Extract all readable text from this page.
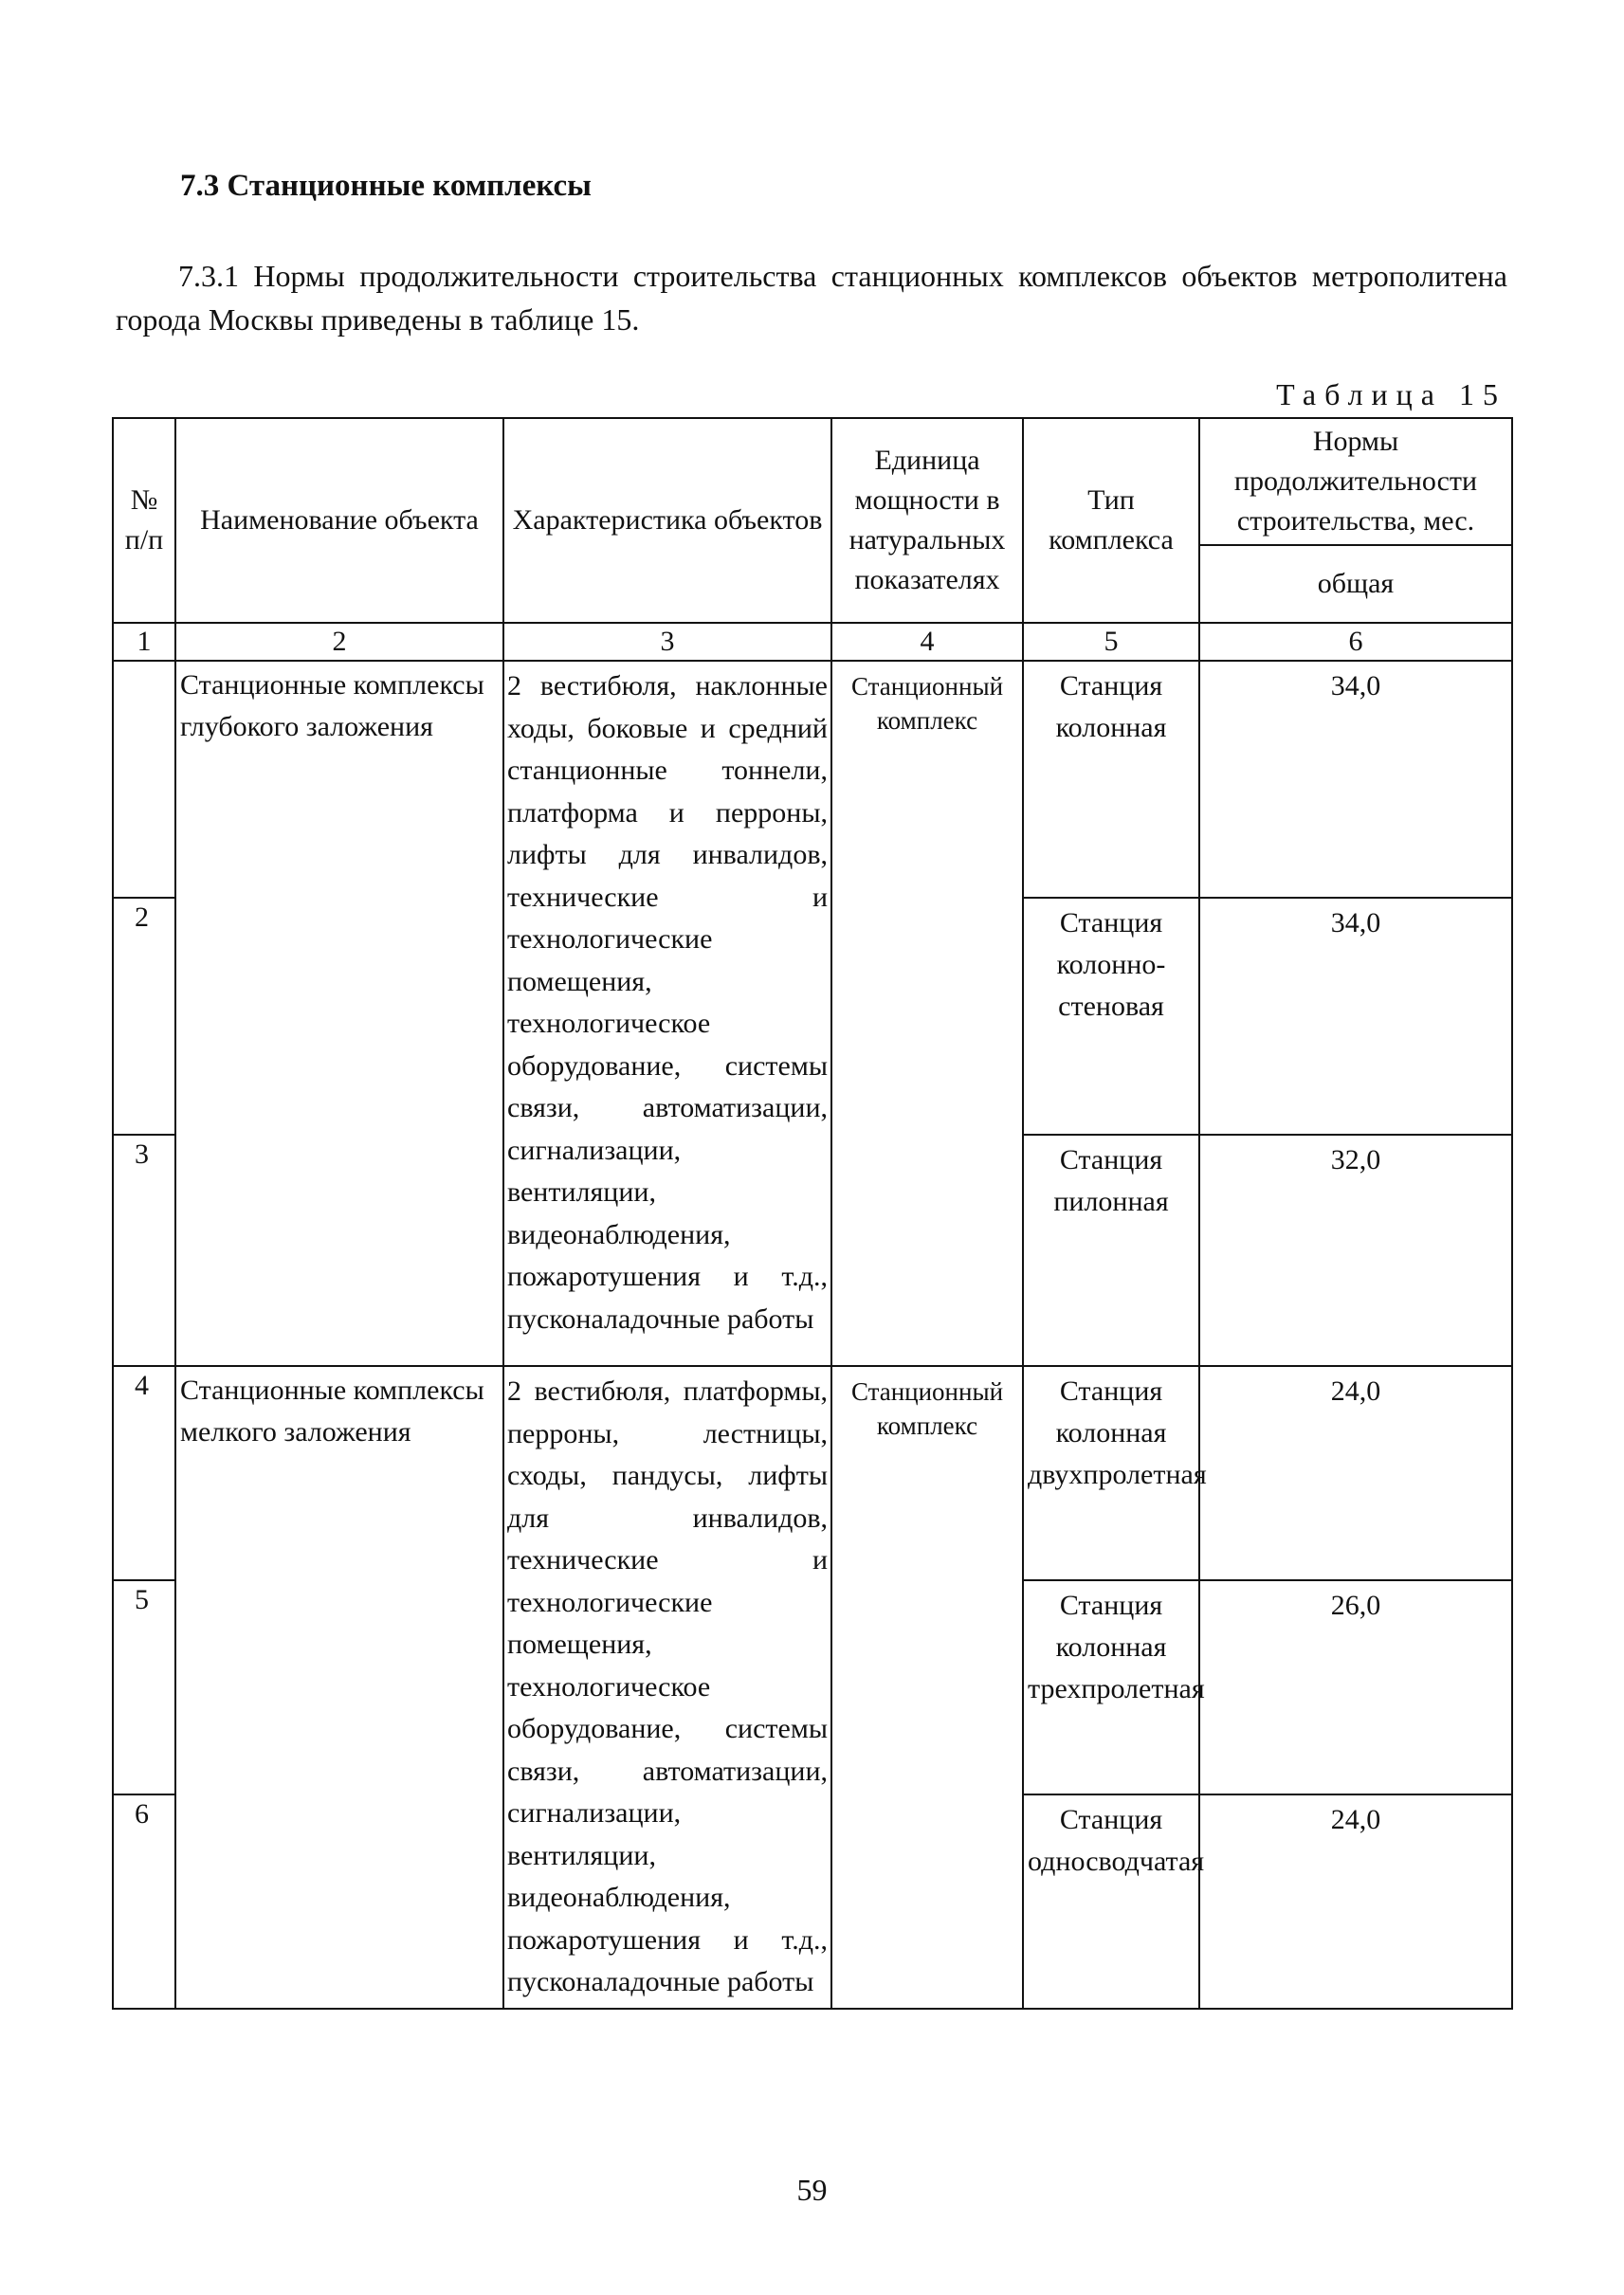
7.3 Станционные комплексы

7.3.1 Нормы продолжительности строительства станционных комплексов объектов метрополитена города Москвы приведены в таблице 15.

Таблица 15
№ п/п	Наименование объекта	Характеристика объектов	Единица мощности в натуральных показателях	Тип комплекса	Нормы продолжительности строительства, мес.
					общая
1	2	3	4	5	6
	Станционные комплексы глубокого заложения	2 вестибюля, наклонные ходы, боковые и средний станционные тоннели, платформа и перроны, лифты для инвалидов, технические и технологические помещения, технологическое оборудование, системы связи, автоматизации, сигнализации, вентиляции, видеонаблюдения, пожаротушения и т.д., пусконаладочные работы	Станционный комплекс	Станция колонная	34,0
2				Станция колонно-стеновая	34,0
3				Станция пилонная	32,0
4	Станционные комплексы мелкого заложения	2 вестибюля, платформы, перроны, лестницы, сходы, пандусы, лифты для инвалидов, технические и технологические помещения, технологическое оборудование, системы связи, автоматизации, сигнализации, вентиляции, видеонаблюдения, пожаротушения и т.д., пусконаладочные работы	Станционный комплекс	Станция колонная двухпролетная	24,0
5				Станция колонная трехпролетная	26,0
6				Станция односводчатая	24,0
59
